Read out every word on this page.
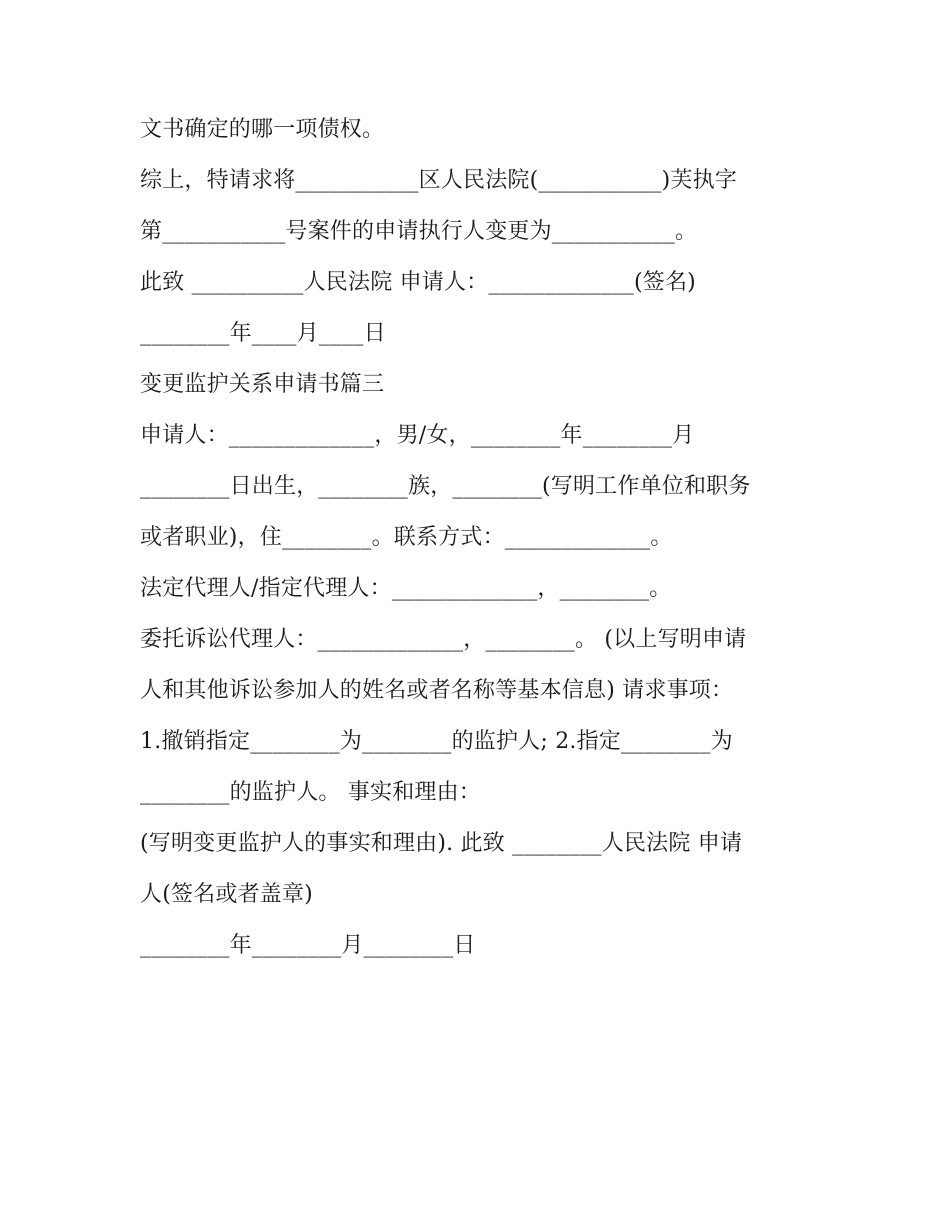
文书确定的哪一项债权。
综上，特请求将___________区人民法院(___________)芙执字
第___________号案件的申请执行人变更为___________。
此致 __________人民法院 申请人：_____________(签名)
________年____月____日
变更监护关系申请书篇三
申请人：_____________，男/女，________年________月
________日出生，________族，________(写明工作单位和职务
或者职业)，住________。联系方式：_____________。
法定代理人/指定代理人：_____________，________。
委托诉讼代理人：_____________，________。 (以上写明申请
人和其他诉讼参加人的姓名或者名称等基本信息) 请求事项：
1.撤销指定________为________的监护人; 2.指定________为
________的监护人。 事实和理由：
(写明变更监护人的事实和理由). 此致 ________人民法院 申请
人(签名或者盖章)
________年________月________日
